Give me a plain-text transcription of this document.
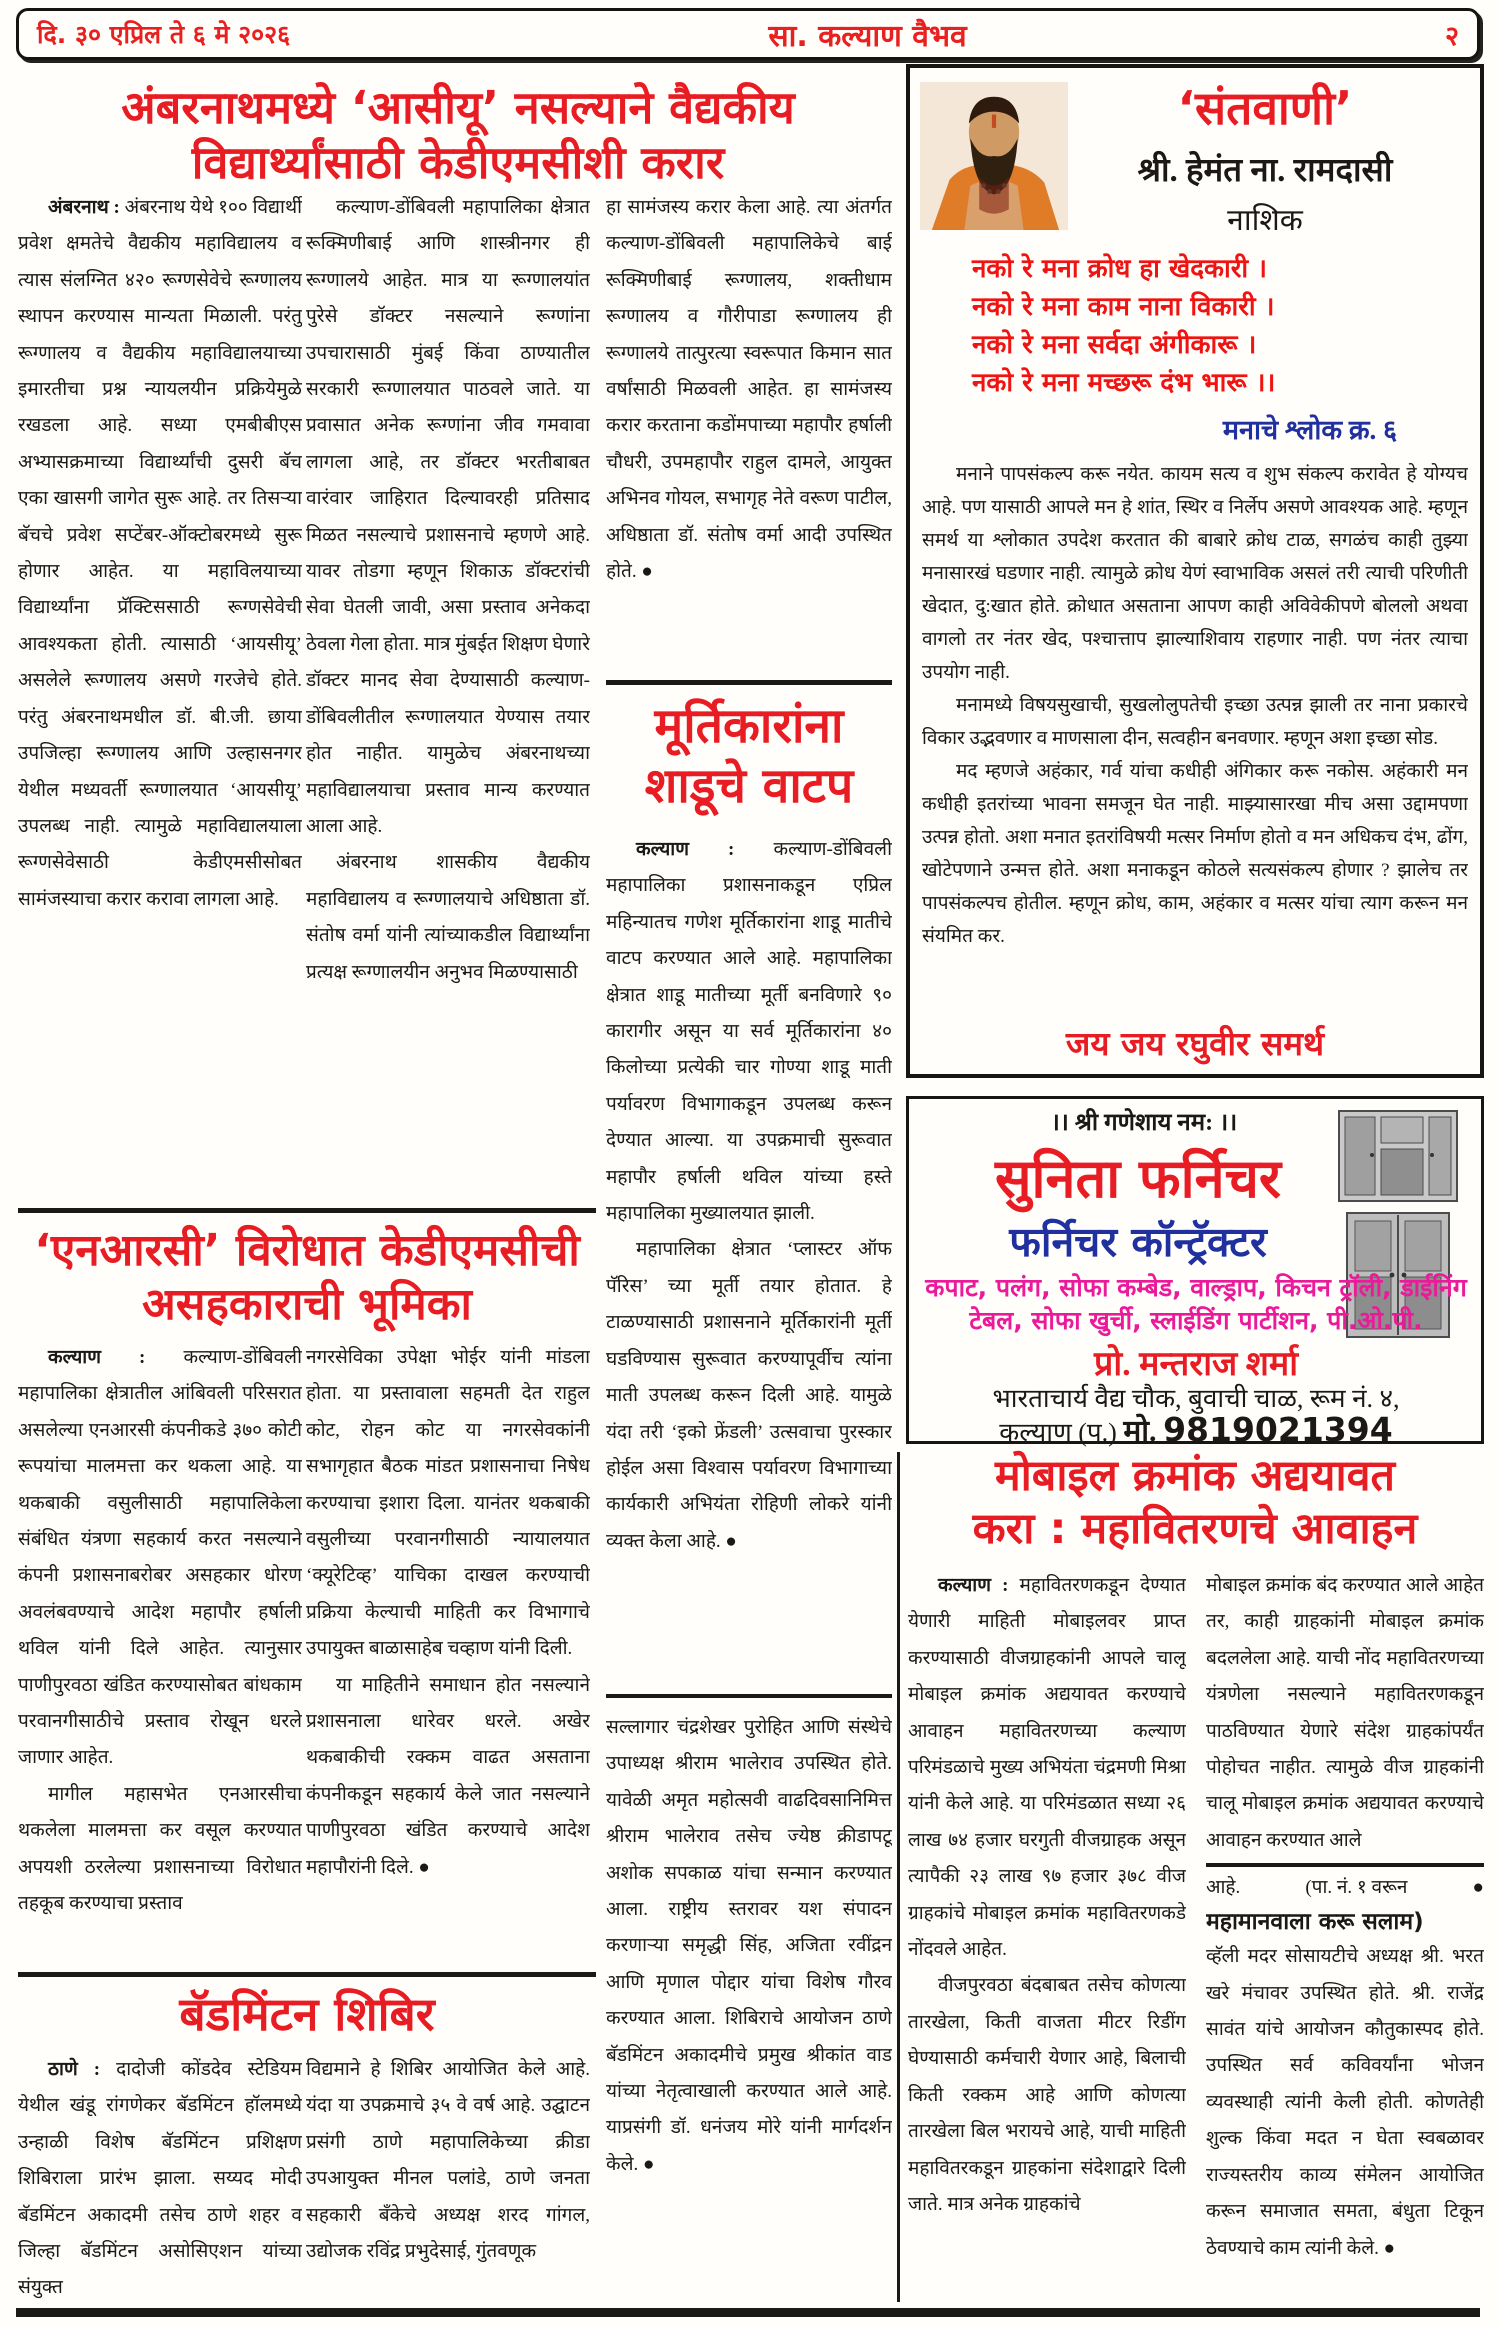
दि. ३० एप्रिल ते ६ मे २०२६	सा. कल्याण वैभव	२
अंबरनाथमध्ये ‘आसीयू’ नसल्याने वैद्यकीय
विद्यार्थ्यांसाठी केडीएमसीशी करार

अंबरनाथ : अंबरनाथ येथे १०० विद्यार्थी प्रवेश क्षमतेचे वैद्यकीय महाविद्यालय व त्यास संलग्नित ४२० रूग्णसेवेचे रूग्णालय स्थापन करण्यास मान्यता मिळाली. परंतु रूग्णालय व वैद्यकीय महाविद्यालयाच्या इमारतीचा प्रश्न न्यायलयीन प्रक्रियेमुळे रखडला आहे. सध्या एमबीबीएस अभ्यासक्रमाच्या विद्यार्थ्यांची दुसरी बॅच एका खासगी जागेत सुरू आहे. तर तिसऱ्या बॅचचे प्रवेश सप्टेंबर-ऑक्टोबरमध्ये सुरू होणार आहेत. या महाविलयाच्या विद्यार्थ्यांना प्रॅक्टिससाठी रूग्णसेवेची आवश्यकता होती. त्यासाठी ‘आयसीयू’ असलेले रूग्णालय असणे गरजेचे होते. परंतु अंबरनाथमधील डॉ. बी.जी. छाया उपजिल्हा रूग्णालय आणि उल्हासनगर येथील मध्यवर्ती रूग्णालयात ‘आयसीयू’ उपलब्ध नाही. त्यामुळे महाविद्यालयाला रूग्णसेवेसाठी केडीएमसीसोबत सामंजस्याचा करार करावा लागला आहे.

कल्याण-डोंबिवली महापालिका क्षेत्रात रूक्मिणीबाई आणि शास्त्रीनगर ही रूग्णालये आहेत. मात्र या रूग्णालयांत पुरेसे डॉक्टर नसल्याने रूग्णांना उपचारासाठी मुंबई किंवा ठाण्यातील सरकारी रूग्णालयात पाठवले जाते. या प्रवासात अनेक रूग्णांना जीव गमवावा लागला आहे, तर डॉक्टर भरतीबाबत वारंवार जाहिरात दिल्यावरही प्रतिसाद मिळत नसल्याचे प्रशासनाचे म्हणणे आहे. यावर तोडगा म्हणून शिकाऊ डॉक्टरांची सेवा घेतली जावी, असा प्रस्ताव अनेकदा ठेवला गेला होता. मात्र मुंबईत शिक्षण घेणारे डॉक्टर मानद सेवा देण्यासाठी कल्याण-डोंबिवलीतील रूग्णालयात येण्यास तयार होत नाहीत. यामुळेच अंबरनाथच्या महाविद्यालयाचा प्रस्ताव मान्य करण्यात आला आहे.

अंबरनाथ शासकीय वैद्यकीय महाविद्यालय व रूग्णालयाचे अधिष्ठाता डॉ. संतोष वर्मा यांनी त्यांच्याकडील विद्यार्थ्यांना प्रत्यक्ष रूग्णालयीन अनुभव मिळण्यासाठी

हा सामंजस्य करार केला आहे. त्या अंतर्गत कल्याण-डोंबिवली महापालिकेचे बाई रूक्मिणीबाई रूग्णालय, शक्तीधाम रूग्णालय व गौरीपाडा रूग्णालय ही रूग्णालये तात्पुरत्या स्वरूपात किमान सात वर्षांसाठी मिळवली आहेत. हा सामंजस्य करार करताना कडोंमपाच्या महापौर हर्षाली चौधरी, उपमहापौर राहुल दामले, आयुक्त अभिनव गोयल, सभागृह नेते वरूण पाटील, अधिष्ठाता डॉ. संतोष वर्मा आदी उपस्थित होते. ●

मूर्तिकारांना
शाडूचे वाटप

कल्याण : कल्याण-डोंबिवली महापालिका प्रशासनाकडून एप्रिल महिन्यातच गणेश मूर्तिकारांना शाडू मातीचे वाटप करण्यात आले आहे. महापालिका क्षेत्रात शाडू मातीच्या मूर्ती बनविणारे ९० कारागीर असून या सर्व मूर्तिकारांना ४० किलोच्या प्रत्येकी चार गोण्या शाडू माती पर्यावरण विभागाकडून उपलब्ध करून देण्यात आल्या. या उपक्रमाची सुरूवात महापौर हर्षाली थविल यांच्या हस्ते महापालिका मुख्यालयात झाली.

महापालिका क्षेत्रात ‘प्लास्टर ऑफ पॅरिस’ च्या मूर्ती तयार होतात. हे टाळण्यासाठी प्रशासनाने मूर्तिकारांनी मूर्ती घडविण्यास सुरूवात करण्यापूर्वीच त्यांना माती उपलब्ध करून दिली आहे. यामुळे यंदा तरी ‘इको फ्रेंडली’ उत्सवाचा पुरस्कार होईल असा विश्वास पर्यावरण विभागाच्या कार्यकारी अभियंता रोहिणी लोकरे यांनी व्यक्त केला आहे. ●

सल्लागार चंद्रशेखर पुरोहित आणि संस्थेचे उपाध्यक्ष श्रीराम भालेराव उपस्थित होते. यावेळी अमृत महोत्सवी वाढदिवसानिमित्त श्रीराम भालेराव तसेच ज्येष्ठ क्रीडापटू अशोक सपकाळ यांचा सन्मान करण्यात आला. राष्ट्रीय स्तरावर यश संपादन करणाऱ्या समृद्धी सिंह, अजिता रवींद्रन आणि मृणाल पोद्दार यांचा विशेष गौरव करण्यात आला. शिबिराचे आयोजन ठाणे बॅडमिंटन अकादमीचे प्रमुख श्रीकांत वाड यांच्या नेतृत्वाखाली करण्यात आले आहे. याप्रसंगी डॉ. धनंजय मोरे यांनी मार्गदर्शन केले. ●

‘एनआरसी’ विरोधात केडीएमसीची
असहकाराची भूमिका

कल्याण : कल्याण-डोंबिवली महापालिका क्षेत्रातील आंबिवली परिसरात असलेल्या एनआरसी कंपनीकडे ३७० कोटी रूपयांचा मालमत्ता कर थकला आहे. या थकबाकी वसुलीसाठी महापालिकेला संबंधित यंत्रणा सहकार्य करत नसल्याने कंपनी प्रशासनाबरोबर असहकार धोरण अवलंबवण्याचे आदेश महापौर हर्षाली थविल यांनी दिले आहेत. त्यानुसार पाणीपुरवठा खंडित करण्यासोबत बांधकाम परवानगीसाठीचे प्रस्ताव रोखून धरले जाणार आहेत.

मागील महासभेत एनआरसीचा थकलेला मालमत्ता कर वसूल करण्यात अपयशी ठरलेल्या प्रशासनाच्या विरोधात तहकूब करण्याचा प्रस्ताव

नगरसेविका उपेक्षा भोईर यांनी मांडला होता. या प्रस्तावाला सहमती देत राहुल कोट, रोहन कोट या नगरसेवकांनी सभागृहात बैठक मांडत प्रशासनाचा निषेध करण्याचा इशारा दिला. यानंतर थकबाकी वसुलीच्या परवानगीसाठी न्यायालयात ‘क्यूरेटिव्ह’ याचिका दाखल करण्याची प्रक्रिया केल्याची माहिती कर विभागाचे उपायुक्त बाळासाहेब चव्हाण यांनी दिली.

या माहितीने समाधान होत नसल्याने प्रशासनाला धारेवर धरले. अखेर थकबाकीची रक्कम वाढत असताना कंपनीकडून सहकार्य केले जात नसल्याने पाणीपुरवठा खंडित करण्याचे आदेश महापौरांनी दिले. ●

बॅडमिंटन शिबिर

ठाणे : दादोजी कोंडदेव स्टेडियम येथील खंडू रांगणेकर बॅडमिंटन हॉलमध्ये उन्हाळी विशेष बॅडमिंटन प्रशिक्षण शिबिराला प्रारंभ झाला. सय्यद मोदी बॅडमिंटन अकादमी तसेच ठाणे शहर व जिल्हा बॅडमिंटन असोसिएशन यांच्या संयुक्त

विद्यमाने हे शिबिर आयोजित केले आहे. यंदा या उपक्रमाचे ३५ वे वर्ष आहे. उद्घाटन प्रसंगी ठाणे महापालिकेच्या क्रीडा उपआयुक्त मीनल पलांडे, ठाणे जनता सहकारी बँकेचे अध्यक्ष शरद गांगल, उद्योजक रविंद्र प्रभुदेसाई, गुंतवणूक

‘संतवाणी’
श्री. हेमंत ना. रामदासी
नाशिक
नको रे मना क्रोध हा खेदकारी ।
नको रे मना काम नाना विकारी ।
नको रे मना सर्वदा अंगीकारू ।
नको रे मना मच्छरू दंभ भारू ।।
मनाचे श्लोक क्र. ६

मनाने पापसंकल्प करू नयेत. कायम सत्य व शुभ संकल्प करावेत हे योग्यच आहे. पण यासाठी आपले मन हे शांत, स्थिर व निर्लेप असणे आवश्यक आहे. म्हणून समर्थ या श्लोकात उपदेश करतात की बाबारे क्रोध टाळ, सगळंच काही तुझ्या मनासारखं घडणार नाही. त्यामुळे क्रोध येणं स्वाभाविक असलं तरी त्याची परिणीती खेदात, दु:खात होते. क्रोधात असताना आपण काही अविवेकीपणे बोललो अथवा वागलो तर नंतर खेद, पश्चात्ताप झाल्याशिवाय राहणार नाही. पण नंतर त्याचा उपयोग नाही.

मनामध्ये विषयसुखाची, सुखलोलुपतेची इच्छा उत्पन्न झाली तर नाना प्रकारचे विकार उद्भवणार व माणसाला दीन, सत्वहीन बनवणार. म्हणून अशा इच्छा सोड.

मद म्हणजे अहंकार, गर्व यांचा कधीही अंगिकार करू नकोस. अहंकारी मन कधीही इतरांच्या भावना समजून घेत नाही. माझ्यासारखा मीच असा उद्दामपणा उत्पन्न होतो. अशा मनात इतरांविषयी मत्सर निर्माण होतो व मन अधिकच दंभ, ढोंग, खोटेपणाने उन्मत्त होते. अशा मनाकडून कोठले सत्यसंकल्प होणार ? झालेच तर पापसंकल्पच होतील. म्हणून क्रोध, काम, अहंकार व मत्सर यांचा त्याग करून मन संयमित कर.

जय जय रघुवीर समर्थ
।। श्री गणेशाय नम: ।।
सुनिता फर्निचर
फर्निचर कॉन्ट्रॅक्टर
कपाट, पलंग, सोफा कम्बेड, वाल्ड्राप, किचन ट्रॉली, डाईनिंग
टेबल, सोफा खुर्ची, स्लाईडिंग पार्टीशन, पी.ओ.पी.
प्रो. मन्तराज शर्मा
भारताचार्य वैद्य चौक, बुवाची चाळ, रूम नं. ४,
कल्याण (प.) मो. 9819021394
मोबाइल क्रमांक अद्ययावत
करा : महावितरणचे आवाहन

कल्याण : महावितरणकडून देण्यात येणारी माहिती मोबाइलवर प्राप्त करण्यासाठी वीजग्राहकांनी आपले चालू मोबाइल क्रमांक अद्ययावत करण्याचे आवाहन महावितरणच्या कल्याण परिमंडळाचे मुख्य अभियंता चंद्रमणी मिश्रा यांनी केले आहे. या परिमंडळात सध्या २६ लाख ७४ हजार घरगुती वीजग्राहक असून त्यापैकी २३ लाख ९७ हजार ३७८ वीज ग्राहकांचे मोबाइल क्रमांक महावितरणकडे नोंदवले आहेत.

वीजपुरवठा बंदबाबत तसेच कोणत्या तारखेला, किती वाजता मीटर रिडींग घेण्यासाठी कर्मचारी येणार आहे, बिलाची किती रक्कम आहे आणि कोणत्या तारखेला बिल भरायचे आहे, याची माहिती महावितरकडून ग्राहकांना संदेशाद्वारे दिली जाते. मात्र अनेक ग्राहकांचे

मोबाइल क्रमांक बंद करण्यात आले आहेत तर, काही ग्राहकांनी मोबाइल क्रमांक बदललेला आहे. याची नोंद महावितरणच्या यंत्रणेला नसल्याने महावितरणकडून पाठविण्यात येणारे संदेश ग्राहकांपर्यंत पोहोचत नाहीत. त्यामुळे वीज ग्राहकांनी चालू मोबाइल क्रमांक अद्ययावत करण्याचे आवाहन करण्यात आले

आहे.	(पा. नं. १ वरून	●
महामानवाला करू सलाम)

व्हॅली मदर सोसायटीचे अध्यक्ष श्री. भरत खरे मंचावर उपस्थित होते. श्री. राजेंद्र सावंत यांचे आयोजन कौतुकास्पद होते. उपस्थित सर्व कविवर्यांना भोजन व्यवस्थाही त्यांनी केली होती. कोणतेही शुल्क किंवा मदत न घेता स्वबळावर राज्यस्तरीय काव्य संमेलन आयोजित करून समाजात समता, बंधुता टिकून ठेवण्याचे काम त्यांनी केले. ●
